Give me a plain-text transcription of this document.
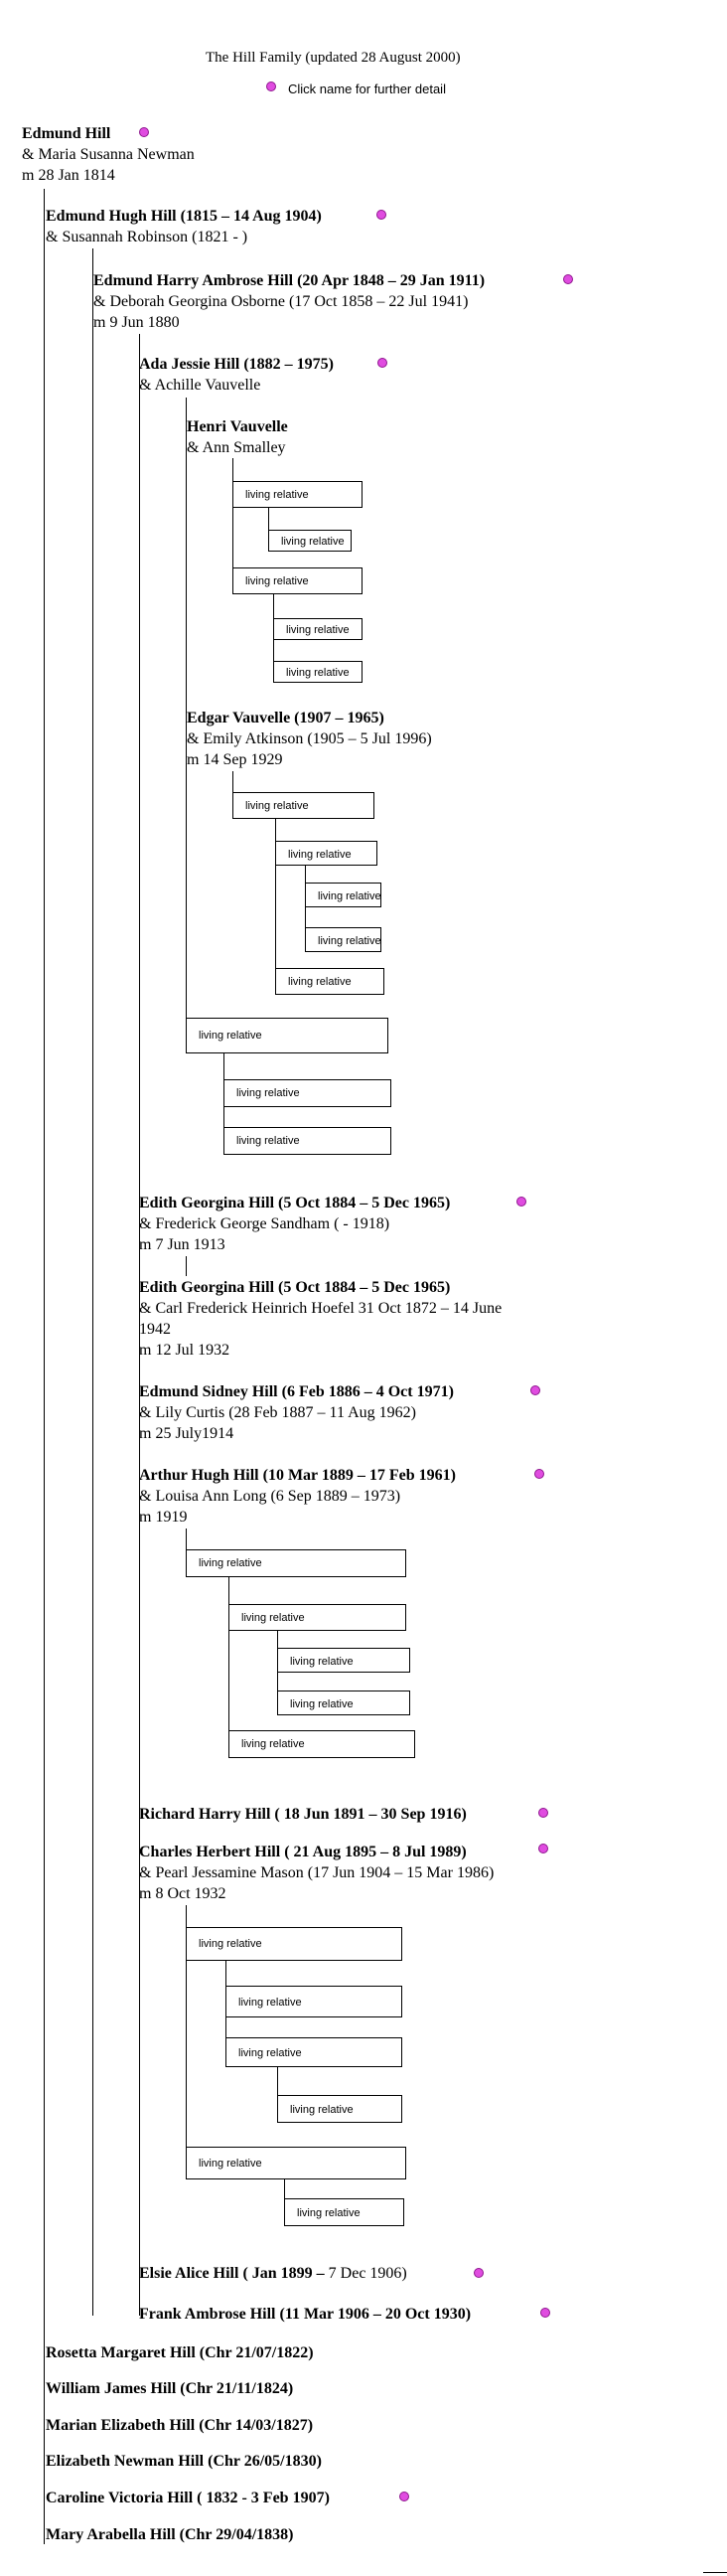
The Hill Family (updated 28 August 2000)
Click name for further detail
Edmund Hill
& Maria Susanna Newman
m 28 Jan 1814
Edmund Hugh Hill (1815 – 14 Aug 1904)
& Susannah Robinson (1821 - )
Edmund Harry Ambrose Hill (20 Apr 1848 – 29 Jan 1911)
& Deborah Georgina Osborne (17 Oct 1858 – 22 Jul 1941)
m 9 Jun 1880
Ada Jessie Hill (1882 – 1975)
& Achille Vauvelle
Henri Vauvelle
& Ann Smalley
living relative
living relative
living relative
living relative
living relative
Edgar Vauvelle (1907 – 1965)
& Emily Atkinson (1905 – 5 Jul 1996)
m 14 Sep 1929
living relative
living relative
living relative
living relative
living relative
living relative
living relative
living relative
Edith Georgina Hill (5 Oct 1884 – 5 Dec 1965)
& Frederick George Sandham ( - 1918)
m 7 Jun 1913
Edith Georgina Hill (5 Oct 1884 – 5 Dec 1965)
& Carl Frederick Heinrich Hoefel 31 Oct 1872 – 14 June 1942
m 12 Jul 1932
Edmund Sidney Hill (6 Feb 1886 – 4 Oct 1971)
& Lily Curtis (28 Feb 1887 – 11 Aug 1962)
m 25 July1914
Arthur Hugh Hill (10 Mar 1889 – 17 Feb 1961)
& Louisa Ann Long (6 Sep 1889 – 1973)
m 1919
living relative
living relative
living relative
living relative
living relative
Richard Harry Hill ( 18 Jun 1891 – 30 Sep 1916)
Charles Herbert Hill ( 21 Aug 1895 – 8 Jul 1989)
& Pearl Jessamine Mason (17 Jun 1904 – 15 Mar 1986)
m 8 Oct 1932
living relative
living relative
living relative
living relative
living relative
living relative
Elsie Alice Hill ( Jan 1899 – 7 Dec 1906)
Frank Ambrose Hill (11 Mar 1906 – 20 Oct 1930)
Rosetta Margaret Hill (Chr 21/07/1822)
William James Hill (Chr 21/11/1824)
Marian Elizabeth Hill (Chr 14/03/1827)
Elizabeth Newman Hill (Chr 26/05/1830)
Caroline Victoria Hill ( 1832 - 3 Feb 1907)
Mary Arabella Hill (Chr 29/04/1838)
